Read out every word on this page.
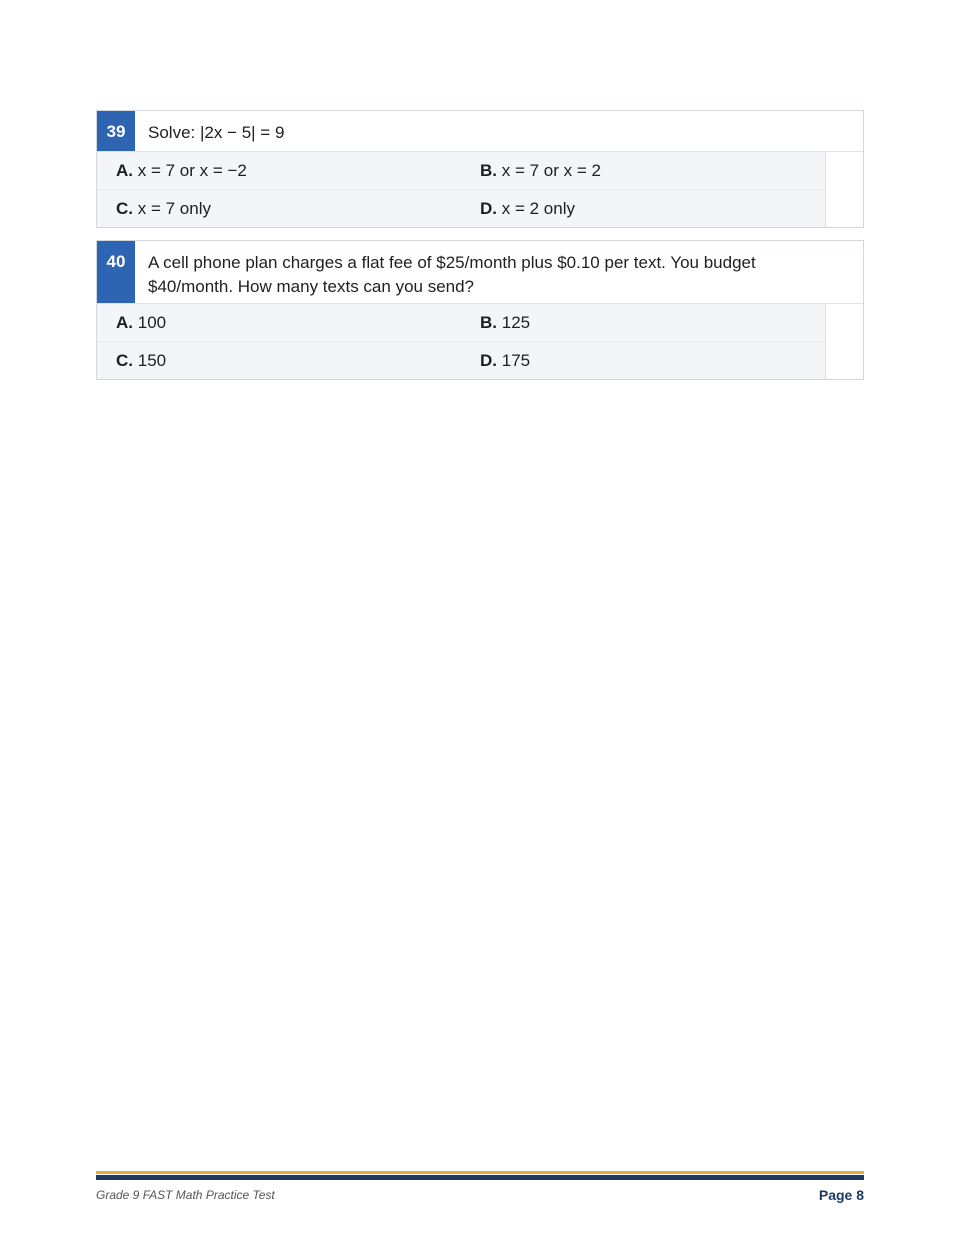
39	Solve: |2x − 5| = 9
A. x = 7 or x = −2	B. x = 7 or x = 2
C. x = 7 only	D. x = 2 only
40	A cell phone plan charges a flat fee of $25/month plus $0.10 per text. You budget $40/month. How many texts can you send?
A. 100	B. 125
C. 150	D. 175
Grade 9 FAST Math Practice Test	Page 8
